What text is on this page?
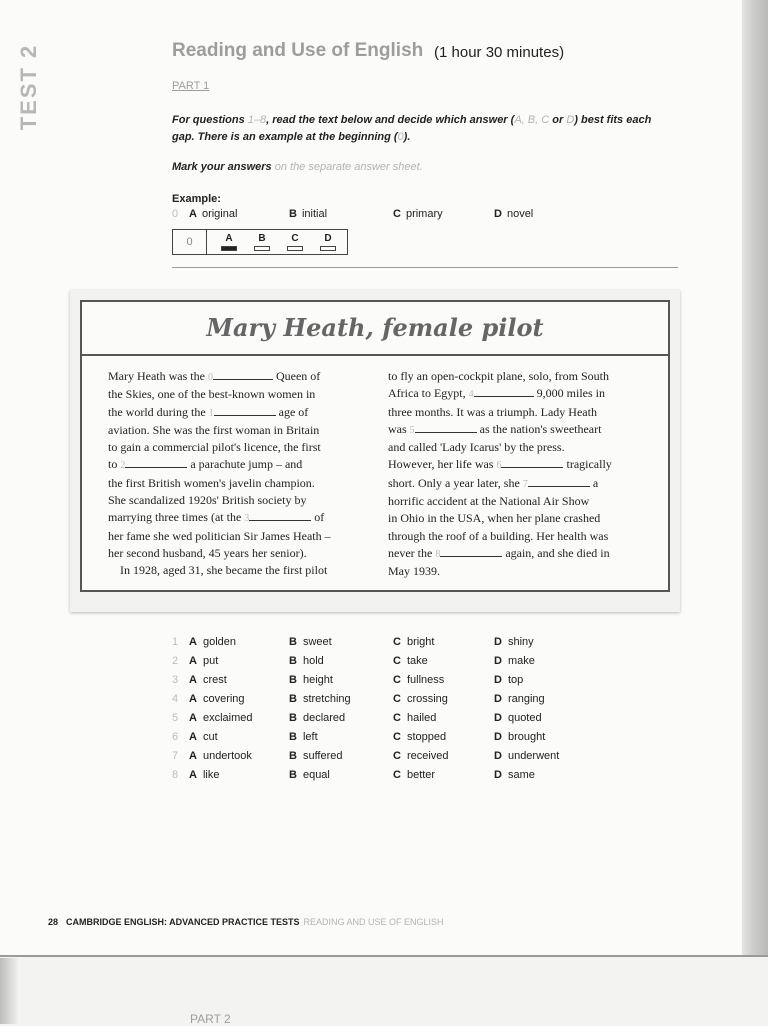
TEST 2	Reading and Use of English (1 hour 30 minutes)
PART 1
For questions 1–8, read the text below and decide which answer (A, B, C or D) best fits each gap. There is an example at the beginning (0).
Mark your answers on the separate answer sheet.
Example:
0 A original	B initial	C primary	D novel
0	A	B	C	D
Mary Heath, female pilot
Mary Heath was the 0	Queen of
the Skies, one of the best-known women in
the world during the 1	age of
aviation. She was the first woman in Britain
to gain a commercial pilot's licence, the first
to 2	a parachute jump – and
the first British women's javelin champion.
She scandalized 1920s' British society by
marrying three times (at the 3	of
her fame she wed politician Sir James Heath –
her second husband, 45 years her senior).
In 1928, aged 31, she became the first pilot
to fly an open-cockpit plane, solo, from South
Africa to Egypt, 4	9,000 miles in
three months. It was a triumph. Lady Heath
was 5	as the nation's sweetheart
and called 'Lady Icarus' by the press.
However, her life was 6	tragically
short. Only a year later, she 7	a
horrific accident at the National Air Show
in Ohio in the USA, when her plane crashed
through the roof of a building. Her health was
never the 8	again, and she died in
May 1939.
1 A golden	B sweet	C bright	D shiny
2 A put	B hold	C take	D make
3 A crest	B height	C fullness	D top
4 A covering	B stretching	C crossing	D ranging
5 A exclaimed	B declared	C hailed	D quoted
6 A cut	B left	C stopped	D brought
7 A undertook	B suffered	C received	D underwent
8 A like	B equal	C better	D same
28 CAMBRIDGE ENGLISH: ADVANCED PRACTICE TESTS READING AND USE OF ENGLISH
PART 2
